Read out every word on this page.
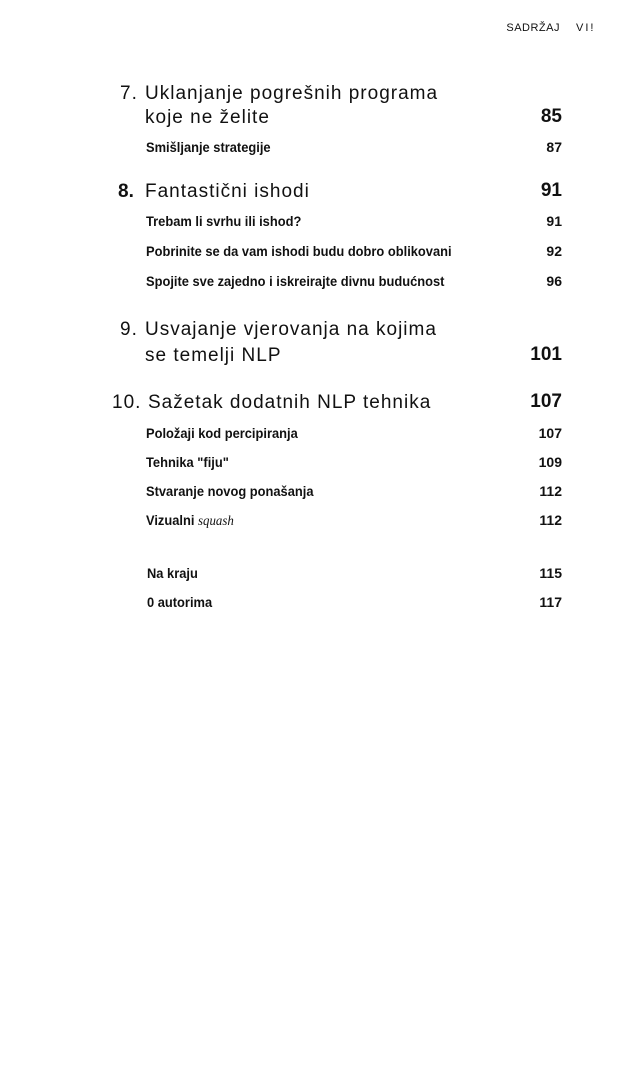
SADRŽAJ VI!
7. Uklanjanje pogrešnih programa
koje ne želite	85
Smišljanje strategije	87
8. Fantastični ishodi	91
Trebam li svrhu ili ishod?	91
Pobrinite se da vam ishodi budu dobro oblikovani	92
Spojite sve zajedno i iskreirajte divnu budućnost	96
9. Usvajanje vjerovanja na kojima
se temelji NLP	101
10. Sažetak dodatnih NLP tehnika	107
Položaji kod percipiranja	107
Tehnika "fiju"	109
Stvaranje novog ponašanja	112
Vizualni squash	112
Na kraju	115
0 autorima	117
